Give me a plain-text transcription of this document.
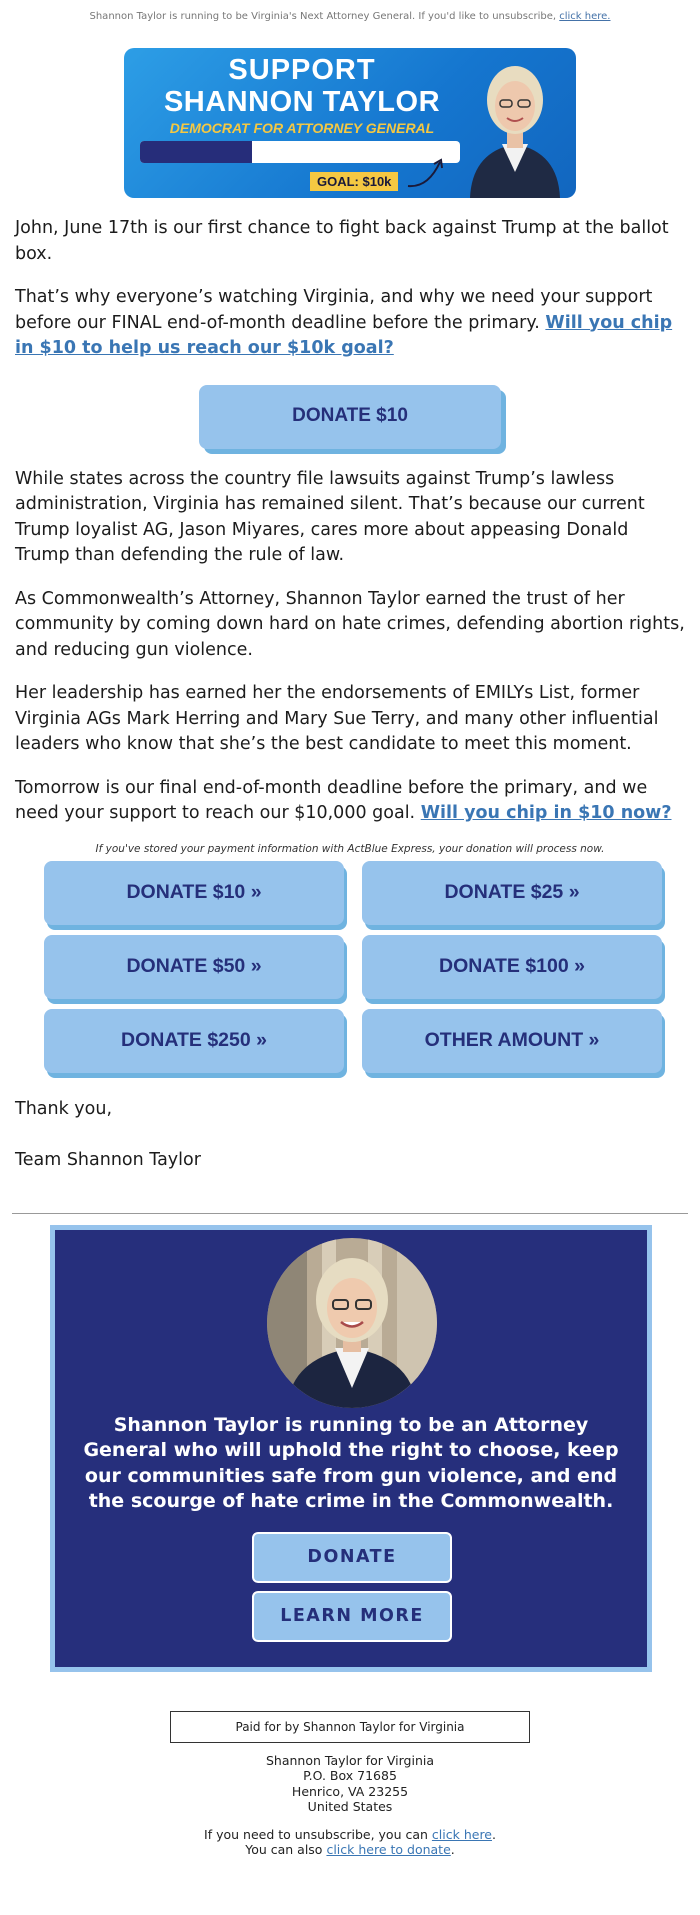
Shannon Taylor is running to be Virginia's Next Attorney General. If you'd like to unsubscribe, click here.
SUPPORT
SHANNON TAYLOR
DEMOCRAT FOR ATTORNEY GENERAL
GOAL: $10k

John, June 17th is our first chance to fight back against Trump at the ballot box.

That’s why everyone’s watching Virginia, and why we need your support before our FINAL end-of-month deadline before the primary. Will you chip in $10 to help us reach our $10k goal?

DONATE $10

While states across the country file lawsuits against Trump’s lawless administration, Virginia has remained silent. That’s because our current Trump loyalist AG, Jason Miyares, cares more about appeasing Donald Trump than defending the rule of law.

As Commonwealth’s Attorney, Shannon Taylor earned the trust of her community by coming down hard on hate crimes, defending abortion rights, and reducing gun violence.

Her leadership has earned her the endorsements of EMILYs List, former Virginia AGs Mark Herring and Mary Sue Terry, and many other influential leaders who know that she’s the best candidate to meet this moment.

Tomorrow is our final end-of-month deadline before the primary, and we need your support to reach our $10,000 goal. Will you chip in $10 now?

If you've stored your payment information with ActBlue Express, your donation will process now.
DONATE $10 »	DONATE $25 »
DONATE $50 »	DONATE $100 »
DONATE $250 »	OTHER AMOUNT »

Thank you,

Team Shannon Taylor

Shannon Taylor is running to be an Attorney General who will uphold the right to choose, keep our communities safe from gun violence, and end the scourge of hate crime in the Commonwealth.
DONATE
LEARN MORE
Paid for by Shannon Taylor for Virginia
Shannon Taylor for Virginia
P.O. Box 71685
Henrico, VA 23255
United States
If you need to unsubscribe, you can click here.
You can also click here to donate.
